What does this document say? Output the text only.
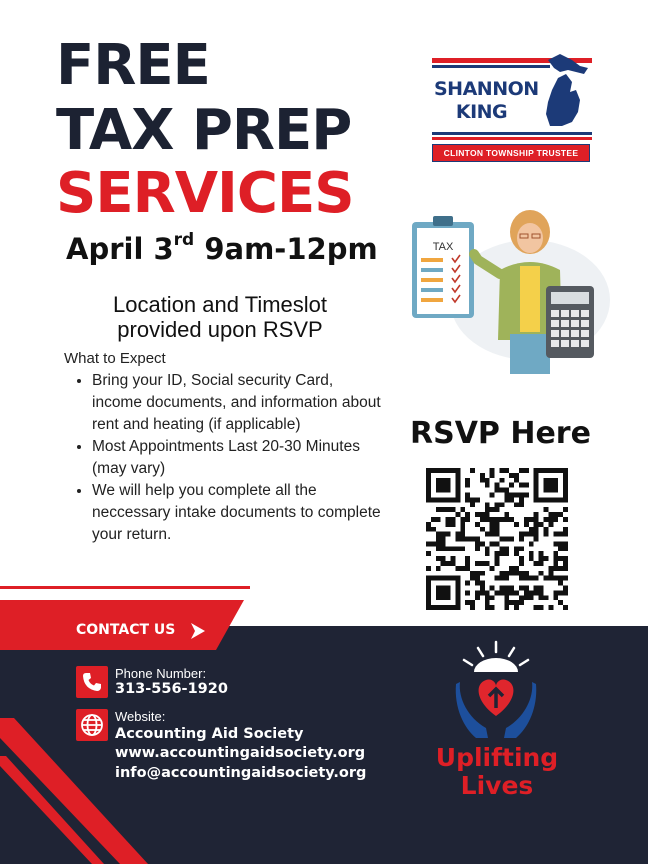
FREE
TAX PREP
SERVICES
April 3rd 9am-12pm
Location and Timeslot provided upon RSVP
What to Expect
• Bring your ID, Social security Card, income documents, and information about rent and heating (if applicable)
• Most Appointments Last 20-30 Minutes (may vary)
• We will help you complete all the neccessary intake documents to complete your return.
SHANNON
KING
CLINTON TOWNSHIP TRUSTEE
TAX
RSVP Here
CONTACT US
Phone Number:
313-556-1920
Website:
Accounting Aid Society
www.accountingaidsociety.org
info@accountingaidsociety.org
Uplifting
Lives
